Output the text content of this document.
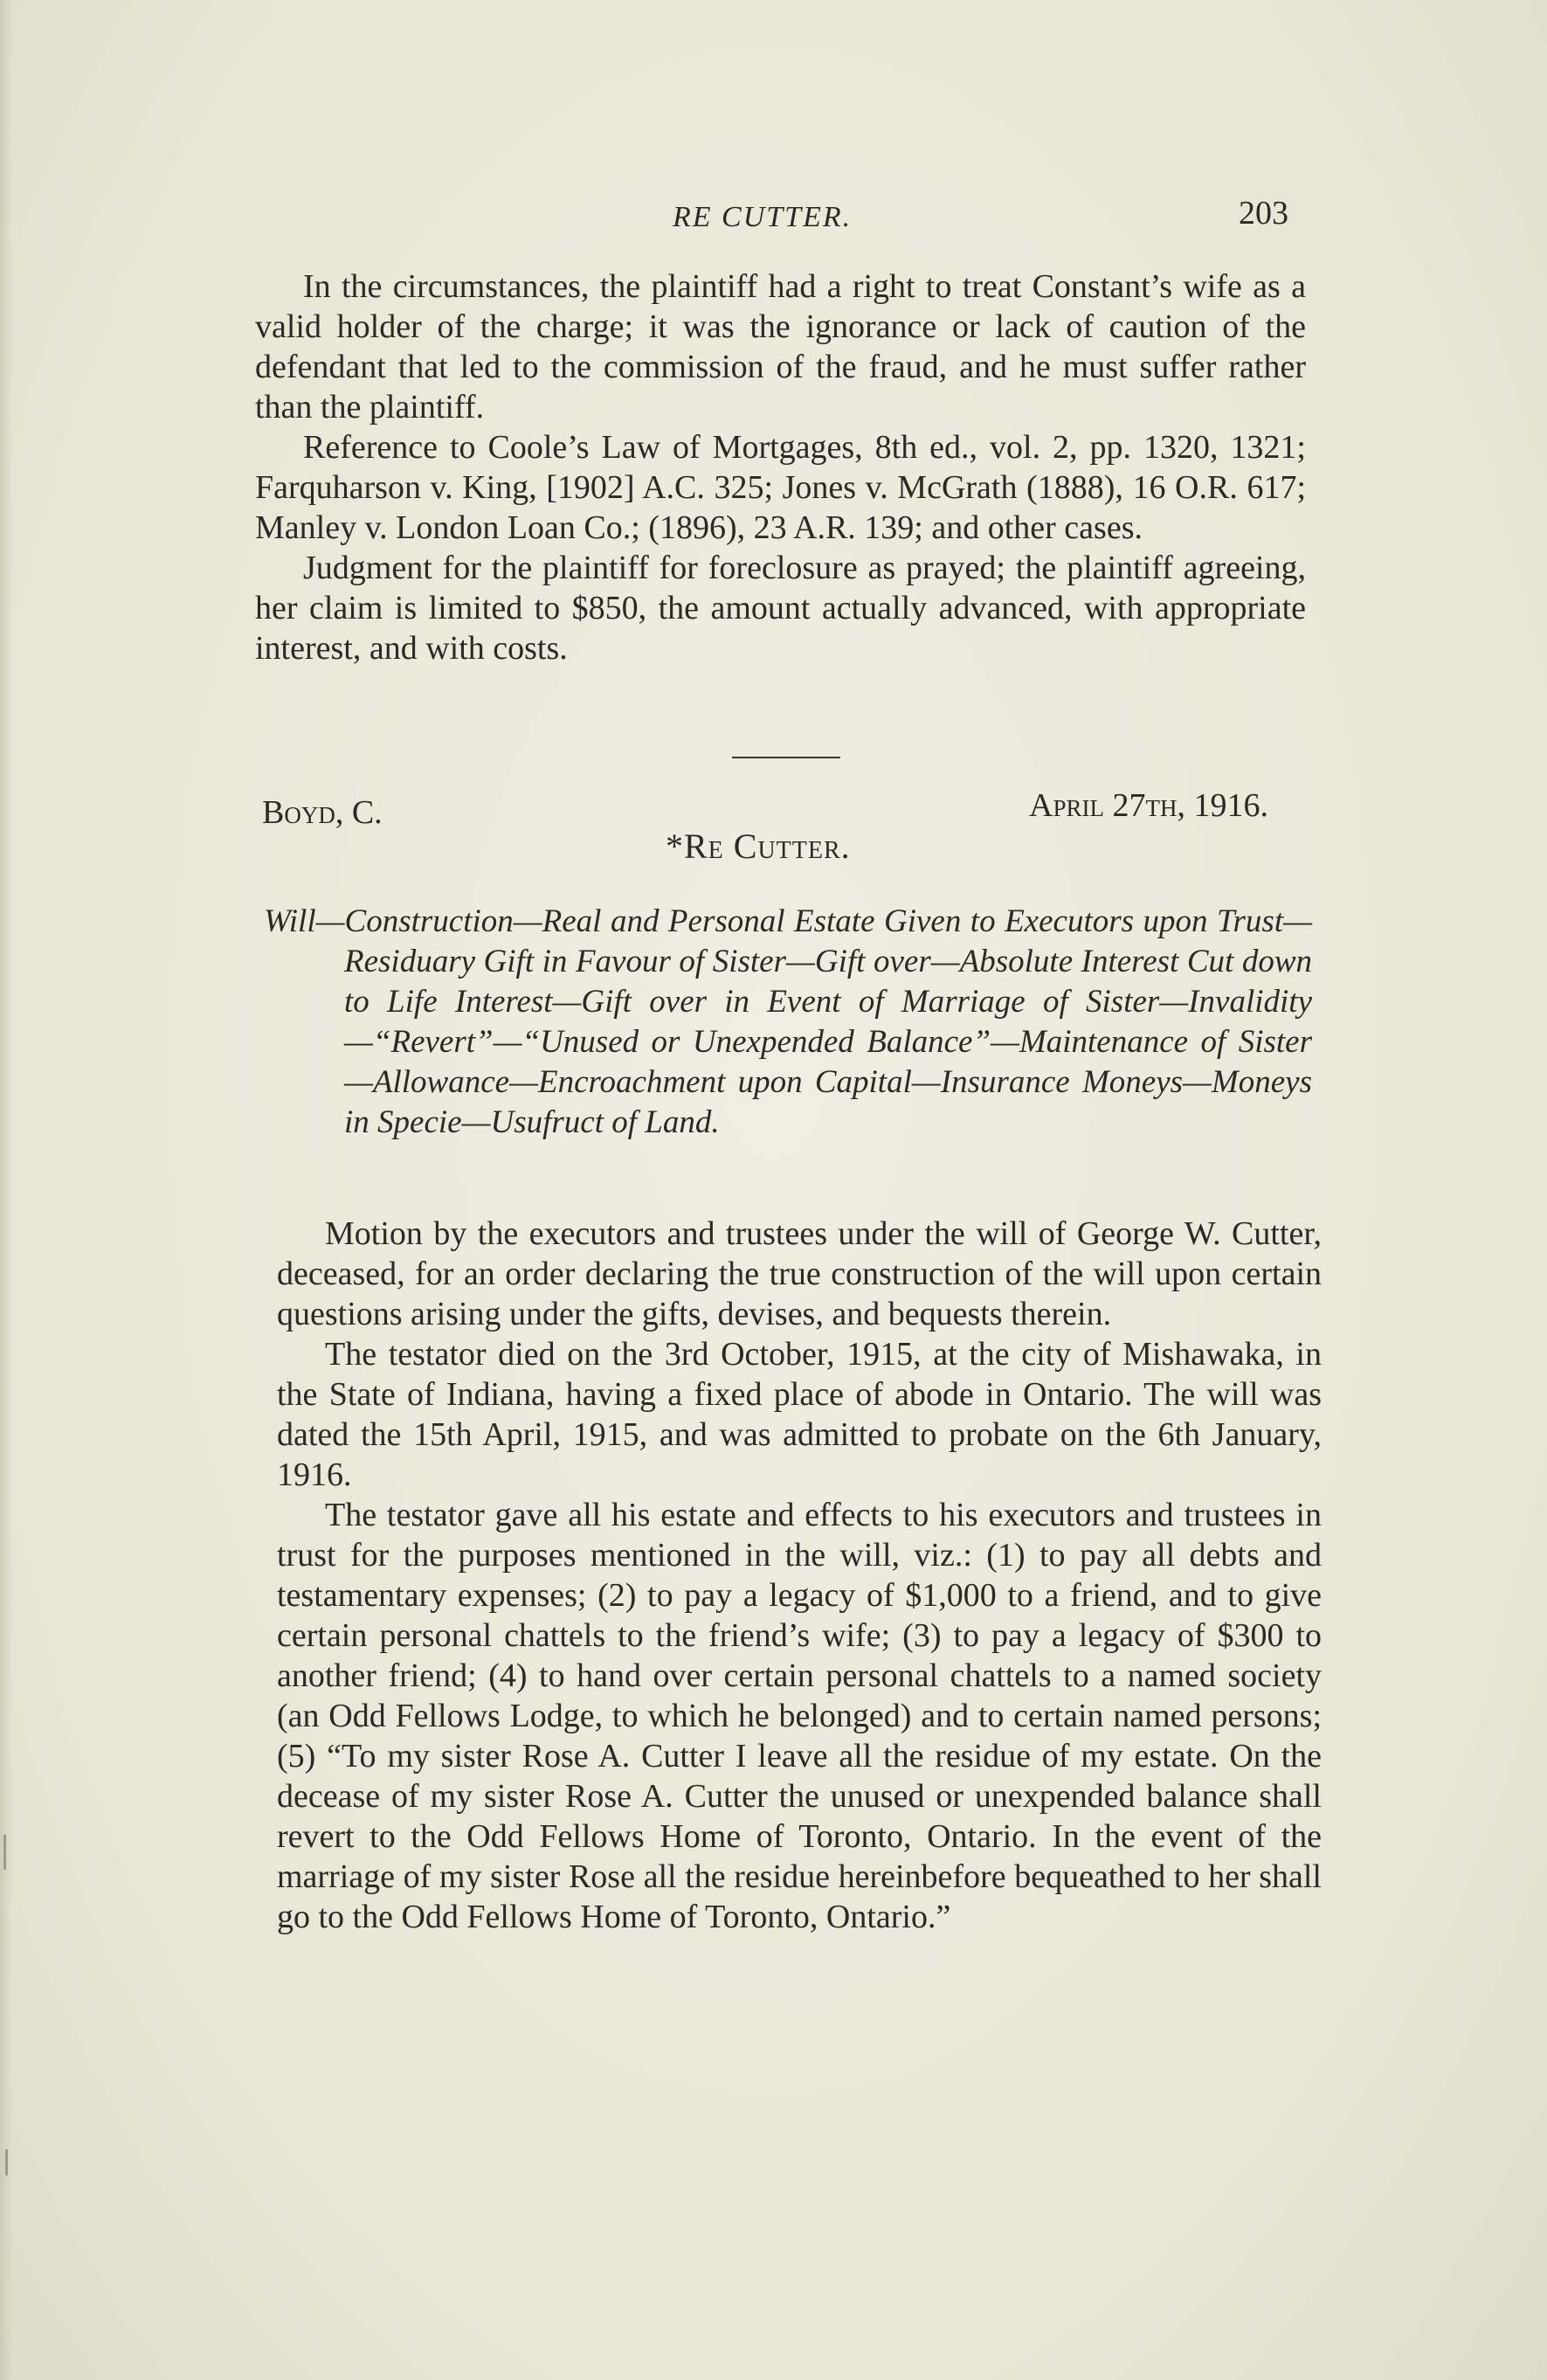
RE CUTTER.	203

In the circumstances, the plaintiff had a right to treat Constant’s wife as a valid holder of the charge; it was the ignorance or lack of caution of the defendant that led to the commission of the fraud, and he must suffer rather than the plaintiff.

Reference to Coole’s Law of Mortgages, 8th ed., vol. 2, pp. 1320, 1321; Farquharson v. King, [1902] A.C. 325; Jones v. McGrath (1888), 16 O.R. 617; Manley v. London Loan Co.; (1896), 23 A.R. 139; and other cases.

Judgment for the plaintiff for foreclosure as prayed; the plaintiff agreeing, her claim is limited to $850, the amount actually advanced, with appropriate interest, and with costs.

Boyd, C.	April 27th, 1916.
*Re Cutter.
Will—Construction—Real and Personal Estate Given to Executors upon Trust—Residuary Gift in Favour of Sister—Gift over—Absolute Interest Cut down to Life Interest—Gift over in Event of Marriage of Sister—Invalidity—“Revert”—“Unused or Unexpended Balance”—Maintenance of Sister—Allowance—Encroachment upon Capital—Insurance Moneys—Moneys in Specie—Usufruct of Land.

Motion by the executors and trustees under the will of George W. Cutter, deceased, for an order declaring the true construction of the will upon certain questions arising under the gifts, devises, and bequests therein.

The testator died on the 3rd October, 1915, at the city of Mishawaka, in the State of Indiana, having a fixed place of abode in Ontario. The will was dated the 15th April, 1915, and was admitted to probate on the 6th January, 1916.

The testator gave all his estate and effects to his executors and trustees in trust for the purposes mentioned in the will, viz.: (1) to pay all debts and testamentary expenses; (2) to pay a legacy of $1,000 to a friend, and to give certain personal chattels to the friend’s wife; (3) to pay a legacy of $300 to another friend; (4) to hand over certain personal chattels to a named society (an Odd Fellows Lodge, to which he belonged) and to certain named persons; (5) “To my sister Rose A. Cutter I leave all the residue of my estate. On the decease of my sister Rose A. Cutter the unused or unexpended balance shall revert to the Odd Fellows Home of Toronto, Ontario. In the event of the marriage of my sister Rose all the residue hereinbefore bequeathed to her shall go to the Odd Fellows Home of Toronto, Ontario.”
